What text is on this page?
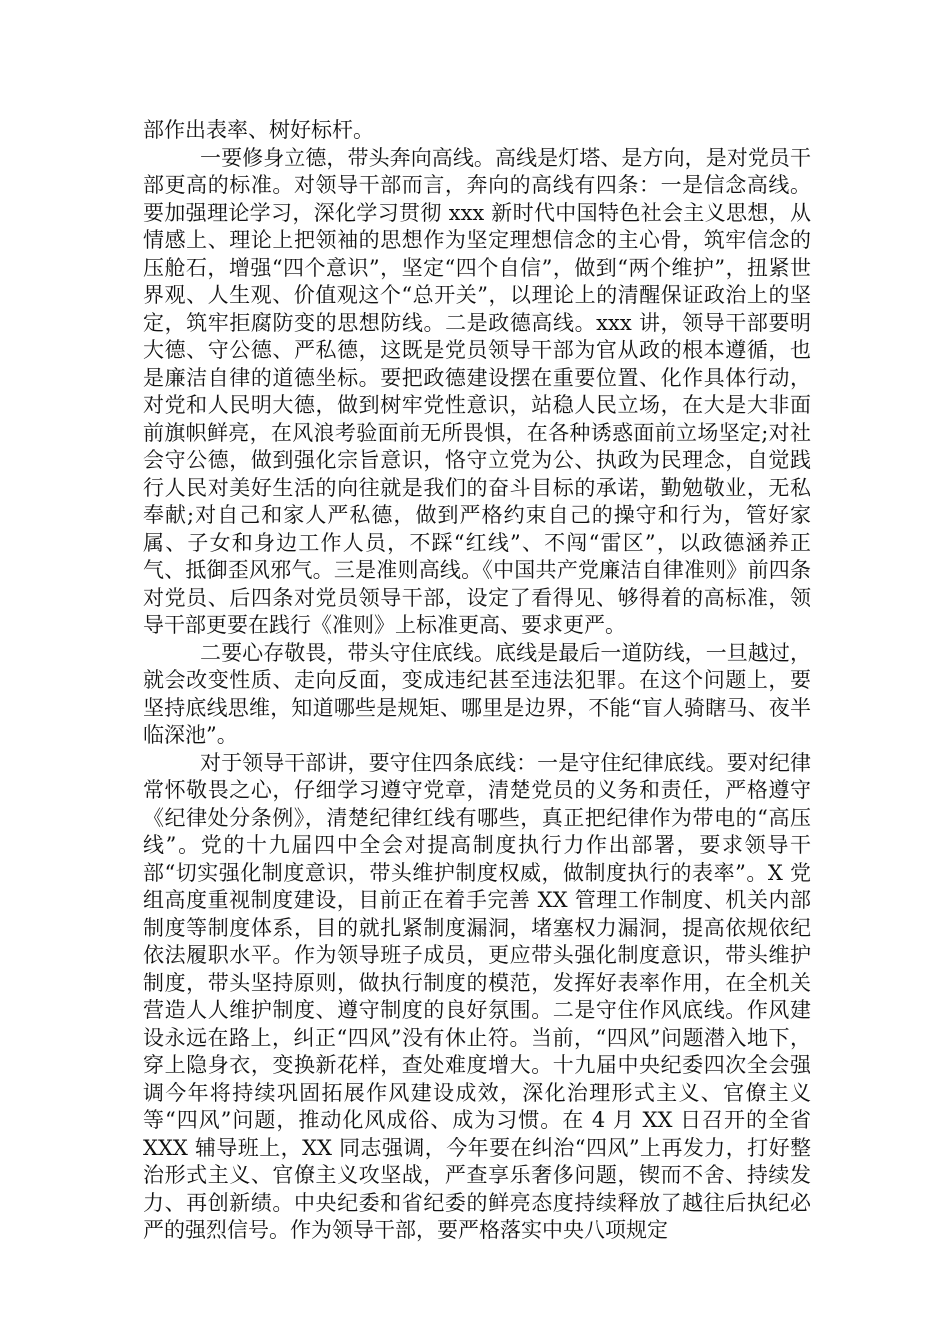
部作出表率、树好标杆。

一要修身立德，带头奔向高线。高线是灯塔、是方向，是对党员干部更高的标准。对领导干部而言，奔向的高线有四条：一是信念高线。要加强理论学习，深化学习贯彻 xxx 新时代中国特色社会主义思想，从情感上、理论上把领袖的思想作为坚定理想信念的主心骨，筑牢信念的压舱石，增强“四个意识”，坚定“四个自信”，做到“两个维护”，扭紧世界观、人生观、价值观这个“总开关”，以理论上的清醒保证政治上的坚定，筑牢拒腐防变的思想防线。二是政德高线。xxx 讲，领导干部要明大德、守公德、严私德，这既是党员领导干部为官从政的根本遵循，也是廉洁自律的道德坐标。要把政德建设摆在重要位置、化作具体行动，对党和人民明大德，做到树牢党性意识，站稳人民立场，在大是大非面前旗帜鲜亮，在风浪考验面前无所畏惧，在各种诱惑面前立场坚定;对社会守公德，做到强化宗旨意识，恪守立党为公、执政为民理念，自觉践行人民对美好生活的向往就是我们的奋斗目标的承诺，勤勉敬业，无私奉献;对自己和家人严私德，做到严格约束自己的操守和行为，管好家属、子女和身边工作人员，不踩“红线”、不闯“雷区”，以政德涵养正气、抵御歪风邪气。三是准则高线。《中国共产党廉洁自律准则》前四条对党员、后四条对党员领导干部，设定了看得见、够得着的高标准，领导干部更要在践行《准则》上标准更高、要求更严。

二要心存敬畏，带头守住底线。底线是最后一道防线，一旦越过，就会改变性质、走向反面，变成违纪甚至违法犯罪。在这个问题上，要坚持底线思维，知道哪些是规矩、哪里是边界，不能“盲人骑瞎马、夜半临深池”。

对于领导干部讲，要守住四条底线：一是守住纪律底线。要对纪律常怀敬畏之心，仔细学习遵守党章，清楚党员的义务和责任，严格遵守《纪律处分条例》，清楚纪律红线有哪些，真正把纪律作为带电的“高压线”。党的十九届四中全会对提高制度执行力作出部署，要求领导干部“切实强化制度意识，带头维护制度权威，做制度执行的表率”。X 党组高度重视制度建设，目前正在着手完善 XX 管理工作制度、机关内部制度等制度体系，目的就扎紧制度漏洞，堵塞权力漏洞，提高依规依纪依法履职水平。作为领导班子成员，更应带头强化制度意识，带头维护制度，带头坚持原则，做执行制度的模范，发挥好表率作用，在全机关营造人人维护制度、遵守制度的良好氛围。二是守住作风底线。作风建设永远在路上，纠正“四风”没有休止符。当前，“四风”问题潜入地下，穿上隐身衣，变换新花样，查处难度增大。十九届中央纪委四次全会强调今年将持续巩固拓展作风建设成效，深化治理形式主义、官僚主义等“四风”问题，推动化风成俗、成为习惯。在 4 月 XX 日召开的全省 XXX 辅导班上，XX 同志强调，今年要在纠治“四风”上再发力，打好整治形式主义、官僚主义攻坚战，严查享乐奢侈问题，锲而不舍、持续发力、再创新绩。中央纪委和省纪委的鲜亮态度持续释放了越往后执纪必严的强烈信号。作为领导干部，要严格落实中央八项规定
